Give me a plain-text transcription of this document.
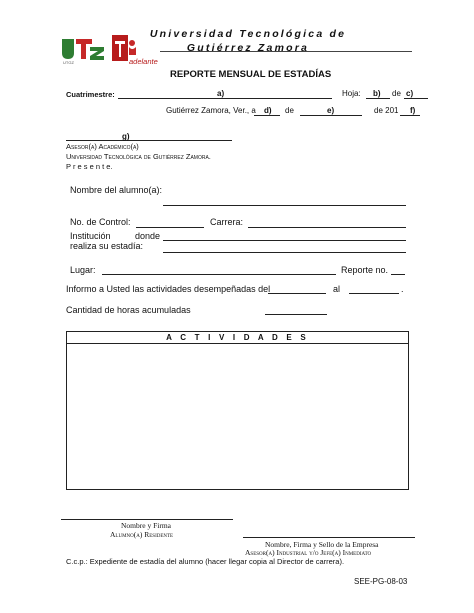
Universidad Tecnológica de
Gutiérrez Zamora
UTGZ	adelante
REPORTE MENSUAL DE ESTADÍAS
Cuatrimestre:	a)	Hoja: b) de c)
Gutiérrez Zamora, Ver., a d) de	e)	de 201 f)
g)
Asesor(a) Académico(a)
Universidad Tecnológica de Gutiérrez Zamora.
P r e s e n t e.
Nombre del alumno(a):
No. de Control:	Carrera:
Institución	donde
realiza su estadía:
Lugar:	Reporte no.
Informo a Usted las actividades desempeñadas del	al	.
Cantidad de horas acumuladas
A C T I V I D A D E S
Nombre y Firma
Alumno(a) Residente
Nombre, Firma y Sello de la Empresa
Asesor(a) Industrial y/o Jefe(a) Inmediato
C.c.p.: Expediente de estadía del alumno (hacer llegar copia al Director de carrera).
SEE-PG-08-03
